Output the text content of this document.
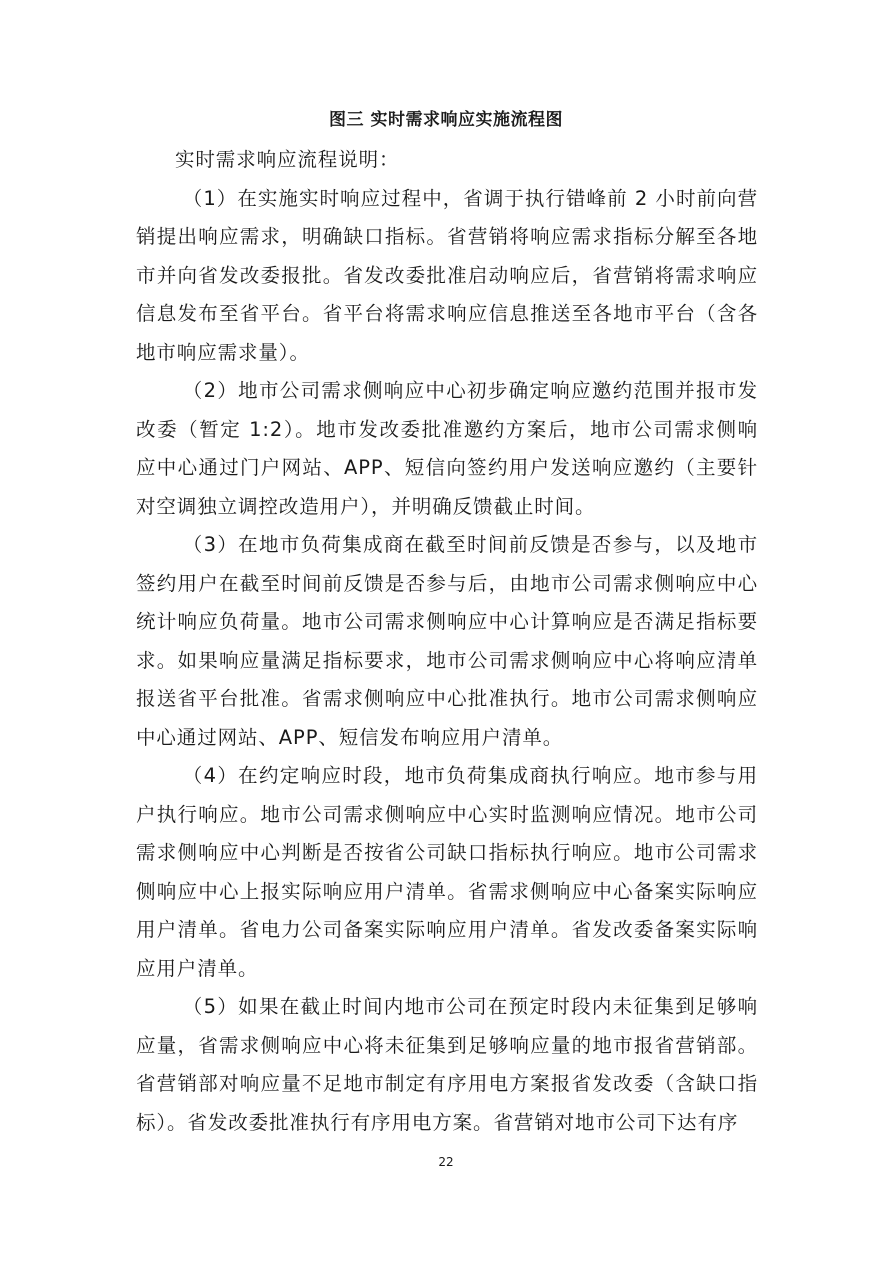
图三 实时需求响应实施流程图

实时需求响应流程说明：

（1）在实施实时响应过程中，省调于执行错峰前 2 小时前向营销提出响应需求，明确缺口指标。省营销将响应需求指标分解至各地市并向省发改委报批。省发改委批准启动响应后，省营销将需求响应信息发布至省平台。省平台将需求响应信息推送至各地市平台（含各地市响应需求量）。

（2）地市公司需求侧响应中心初步确定响应邀约范围并报市发改委（暂定 1:2）。地市发改委批准邀约方案后，地市公司需求侧响应中心通过门户网站、APP、短信向签约用户发送响应邀约（主要针对空调独立调控改造用户），并明确反馈截止时间。

（3）在地市负荷集成商在截至时间前反馈是否参与，以及地市签约用户在截至时间前反馈是否参与后，由地市公司需求侧响应中心统计响应负荷量。地市公司需求侧响应中心计算响应是否满足指标要求。如果响应量满足指标要求，地市公司需求侧响应中心将响应清单报送省平台批准。省需求侧响应中心批准执行。地市公司需求侧响应中心通过网站、APP、短信发布响应用户清单。

（4）在约定响应时段，地市负荷集成商执行响应。地市参与用户执行响应。地市公司需求侧响应中心实时监测响应情况。地市公司需求侧响应中心判断是否按省公司缺口指标执行响应。地市公司需求侧响应中心上报实际响应用户清单。省需求侧响应中心备案实际响应用户清单。省电力公司备案实际响应用户清单。省发改委备案实际响应用户清单。

（5）如果在截止时间内地市公司在预定时段内未征集到足够响应量，省需求侧响应中心将未征集到足够响应量的地市报省营销部。省营销部对响应量不足地市制定有序用电方案报省发改委（含缺口指标）。省发改委批准执行有序用电方案。省营销对地市公司下达有序

22
